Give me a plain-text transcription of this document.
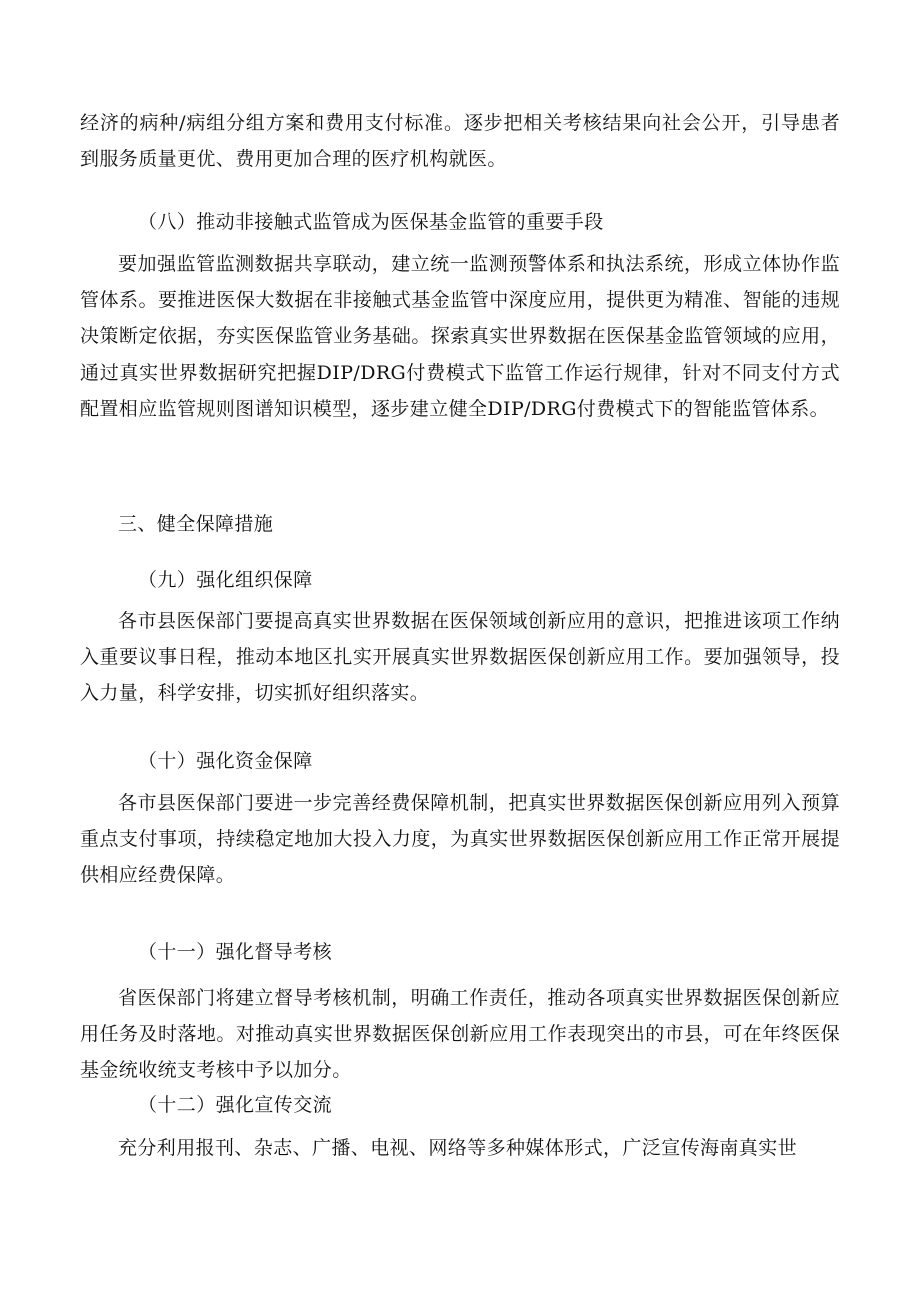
经济的病种/病组分组方案和费用支付标准。逐步把相关考核结果向社会公开，引导患者到服务质量更优、费用更加合理的医疗机构就医。

（八）推动非接触式监管成为医保基金监管的重要手段

要加强监管监测数据共享联动，建立统一监测预警体系和执法系统，形成立体协作监管体系。要推进医保大数据在非接触式基金监管中深度应用，提供更为精准、智能的违规决策断定依据，夯实医保监管业务基础。探索真实世界数据在医保基金监管领域的应用，通过真实世界数据研究把握DIP/DRG付费模式下监管工作运行规律，针对不同支付方式配置相应监管规则图谱知识模型，逐步建立健全DIP/DRG付费模式下的智能监管体系。

三、健全保障措施

（九）强化组织保障

各市县医保部门要提高真实世界数据在医保领域创新应用的意识，把推进该项工作纳入重要议事日程，推动本地区扎实开展真实世界数据医保创新应用工作。要加强领导，投入力量，科学安排，切实抓好组织落实。

（十）强化资金保障

各市县医保部门要进一步完善经费保障机制，把真实世界数据医保创新应用列入预算重点支付事项，持续稳定地加大投入力度，为真实世界数据医保创新应用工作正常开展提供相应经费保障。

（十一）强化督导考核

省医保部门将建立督导考核机制，明确工作责任，推动各项真实世界数据医保创新应用任务及时落地。对推动真实世界数据医保创新应用工作表现突出的市县，可在年终医保基金统收统支考核中予以加分。

（十二）强化宣传交流

充分利用报刊、杂志、广播、电视、网络等多种媒体形式，广泛宣传海南真实世
